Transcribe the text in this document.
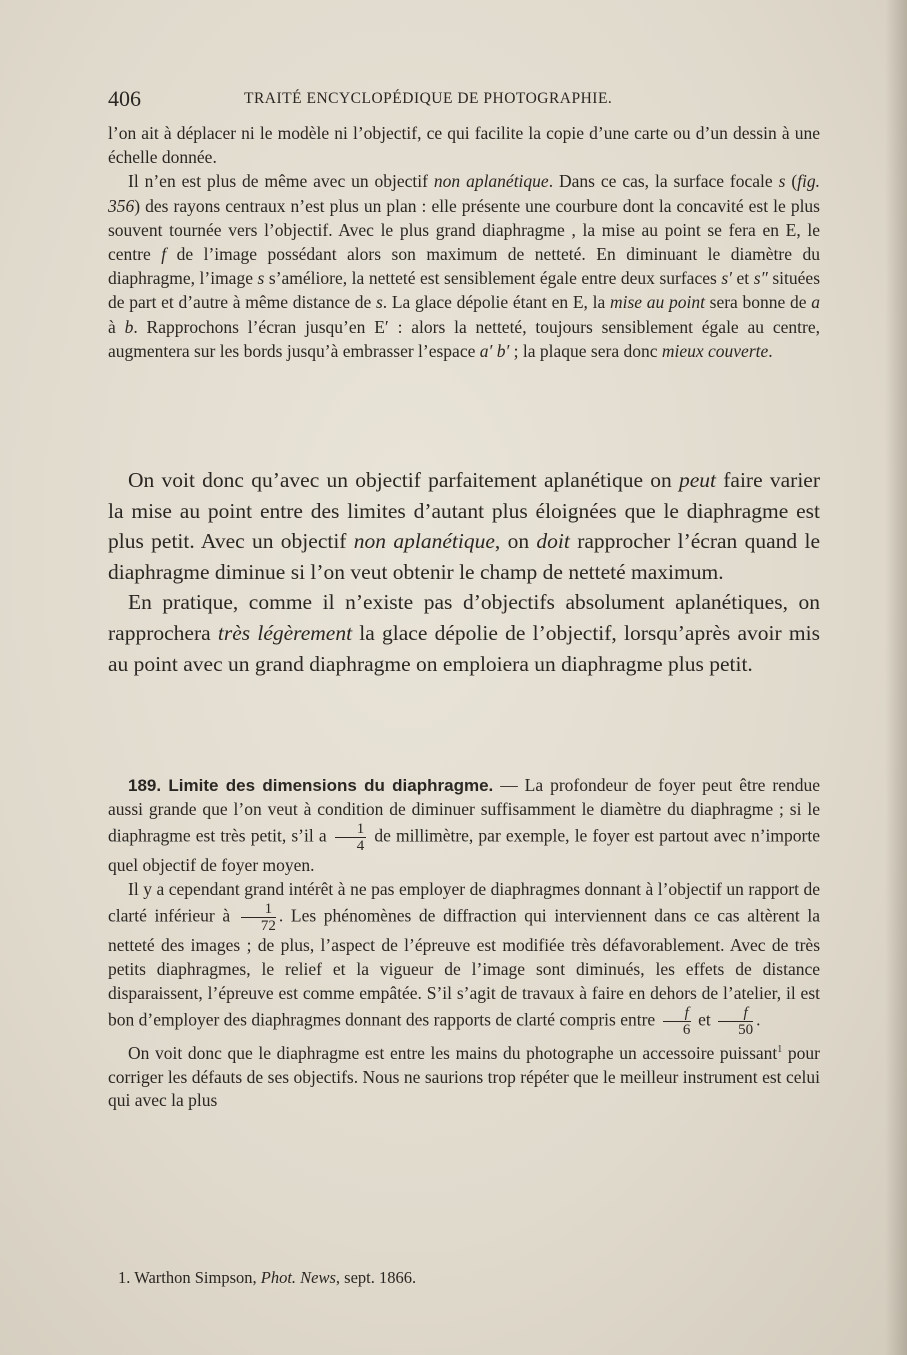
406	TRAITÉ ENCYCLOPÉDIQUE DE PHOTOGRAPHIE.

l’on ait à déplacer ni le modèle ni l’objectif, ce qui facilite la copie d’une carte ou d’un dessin à une échelle donnée.

Il n’en est plus de même avec un objectif non aplanétique. Dans ce cas, la surface focale s (fig. 356) des rayons centraux n’est plus un plan : elle présente une courbure dont la concavité est le plus souvent tournée vers l’objectif. Avec le plus grand diaphragme , la mise au point se fera en E, le centre f de l’image possédant alors son maximum de netteté. En diminuant le diamètre du diaphragme, l’image s s’améliore, la netteté est sensiblement égale entre deux surfaces s′ et s″ situées de part et d’autre à même distance de s. La glace dépolie étant en E, la mise au point sera bonne de a à b. Rapprochons l’écran jusqu’en E′ : alors la netteté, toujours sensiblement égale au centre, augmentera sur les bords jusqu’à embrasser l’espace a′ b′ ; la plaque sera donc mieux couverte.

On voit donc qu’avec un objectif parfaitement aplanétique on peut faire varier la mise au point entre des limites d’autant plus éloignées que le diaphragme est plus petit. Avec un objectif non aplanétique, on doit rapprocher l’écran quand le diaphragme diminue si l’on veut obtenir le champ de netteté maximum.

En pratique, comme il n’existe pas d’objectifs absolument aplanétiques, on rapprochera très légèrement la glace dépolie de l’objectif, lorsqu’après avoir mis au point avec un grand diaphragme on emploiera un diaphragme plus petit.

189. Limite des dimensions du diaphragme. — La profondeur de foyer peut être rendue aussi grande que l’on veut à condition de diminuer suffisamment le diamètre du diaphragme ; si le diaphragme est très petit, s’il a $\frac{1}{4}$ de millimètre, par exemple, le foyer est partout avec n’importe quel objectif de foyer moyen.

Il y a cependant grand intérêt à ne pas employer de diaphragmes donnant à l’objectif un rapport de clarté inférieur à $\frac{1}{72}$ . Les phénomènes de diffraction qui interviennent dans ce cas altèrent la netteté des images ; de plus, l’aspect de l’épreuve est modifiée très défavorablement. Avec de très petits diaphragmes, le relief et la vigueur de l’image sont diminués, les effets de distance disparaissent, l’épreuve est comme empâtée. S’il s’agit de travaux à faire en dehors de l’atelier, il est bon d’employer des diaphragmes donnant des rapports de clarté compris entre $\frac{f}{6}$ et $\frac{f}{50}$ .

On voit donc que le diaphragme est entre les mains du photographe un accessoire puissant$^1$ pour corriger les défauts de ses objectifs. Nous ne saurions trop répéter que le meilleur instrument est celui qui avec la plus

1. Warthon Simpson, Phot. News, sept. 1866.
